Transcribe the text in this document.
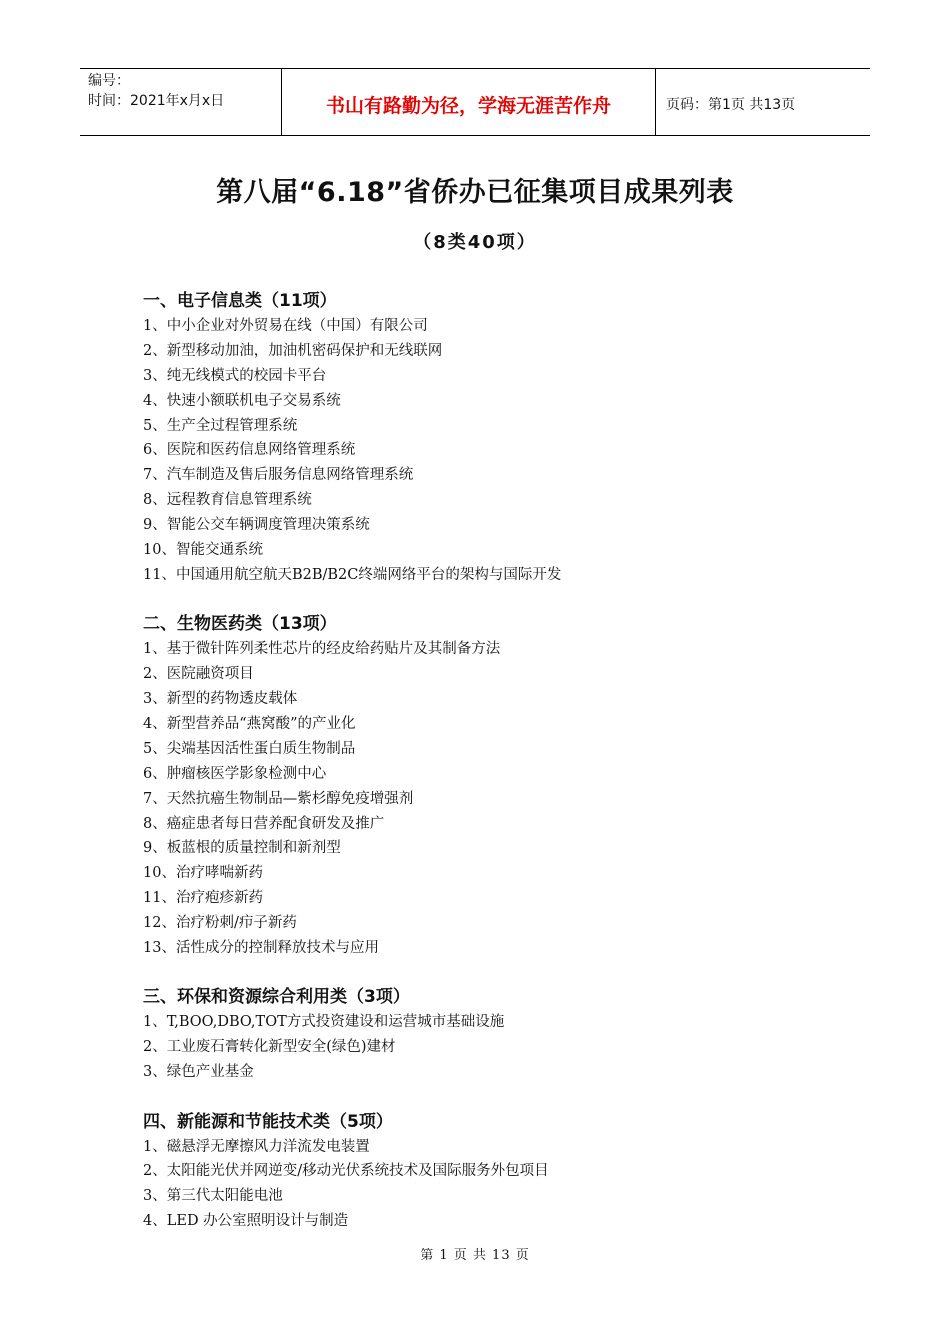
编号：
时间：2021年x月x日	书山有路勤为径，学海无涯苦作舟	页码：第1页 共13页
第八届“6.18”省侨办已征集项目成果列表
（8类40项）
一、电子信息类（11项）
1、中小企业对外贸易在线（中国）有限公司
2、新型移动加油，加油机密码保护和无线联网
3、纯无线模式的校园卡平台
4、快速小额联机电子交易系统
5、生产全过程管理系统
6、医院和医药信息网络管理系统
7、汽车制造及售后服务信息网络管理系统
8、远程教育信息管理系统
9、智能公交车辆调度管理决策系统
10、智能交通系统
11、中国通用航空航天B2B/B2C终端网络平台的架构与国际开发
二、生物医药类（13项）
1、基于微针阵列柔性芯片的经皮给药贴片及其制备方法
2、医院融资项目
3、新型的药物透皮载体
4、新型营养品“燕窝酸”的产业化
5、尖端基因活性蛋白质生物制品
6、肿瘤核医学影象检测中心
7、天然抗癌生物制品—紫杉醇免疫增强剂
8、癌症患者每日营养配食研发及推广
9、板蓝根的质量控制和新剂型
10、治疗哮喘新药
11、治疗疱疹新药
12、治疗粉刺/疖子新药
13、活性成分的控制释放技术与应用
三、环保和资源综合利用类（3项）
1、T,BOO,DBO,TOT方式投资建设和运营城市基础设施
2、工业废石膏转化新型安全(绿色)建材
3、绿色产业基金
四、新能源和节能技术类（5项）
1、磁悬浮无摩擦风力洋流发电装置
2、太阳能光伏并网逆变/移动光伏系统技术及国际服务外包项目
3、第三代太阳能电池
4、LED 办公室照明设计与制造
第 1 页 共 13 页
